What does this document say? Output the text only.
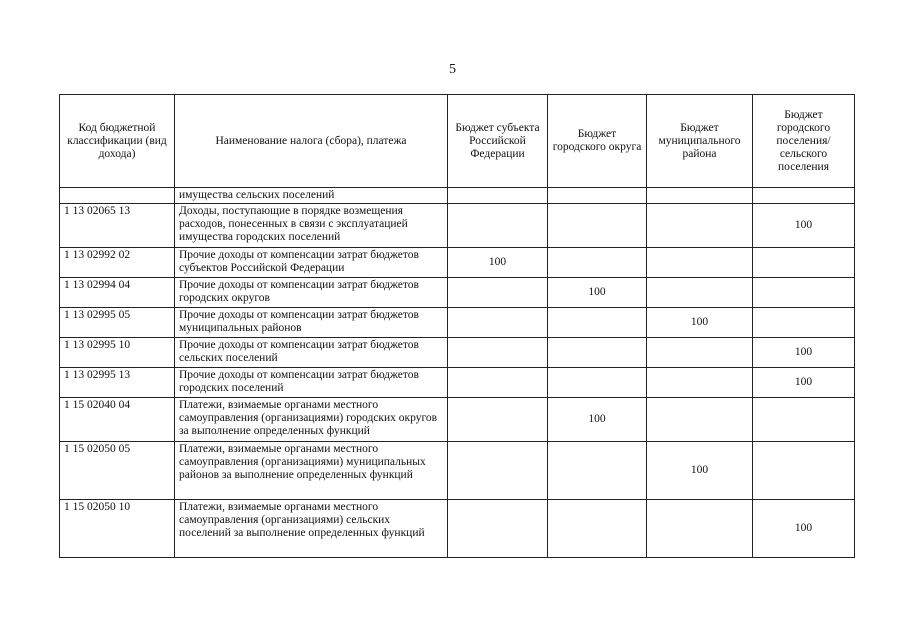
5
Код бюджетной классификации (вид дохода)	Наименование налога (сбора), платежа	Бюджет субъекта Российской Федерации	Бюджет городского округа	Бюджет муниципального района	Бюджет городского поселения/ сельского поселения
	имущества сельских поселений				
1 13 02065 13	Доходы, поступающие в порядке возмещения расходов, понесенных в связи с эксплуатацией имущества городских поселений				100
1 13 02992 02	Прочие доходы от компенсации затрат бюджетов субъектов Российской Федерации	100			
1 13 02994 04	Прочие доходы от компенсации затрат бюджетов городских округов		100		
1 13 02995 05	Прочие доходы от компенсации затрат бюджетов муниципальных районов			100	
1 13 02995 10	Прочие доходы от компенсации затрат бюджетов сельских поселений				100
1 13 02995 13	Прочие доходы от компенсации затрат бюджетов городских поселений				100
1 15 02040 04	Платежи, взимаемые органами местного самоуправления (организациями) городских округов за выполнение определенных функций		100		
1 15 02050 05	Платежи, взимаемые органами местного самоуправления (организациями) муниципальных районов за выполнение определенных функций			100	
1 15 02050 10	Платежи, взимаемые органами местного самоуправления (организациями) сельских поселений за выполнение определенных функций				100
